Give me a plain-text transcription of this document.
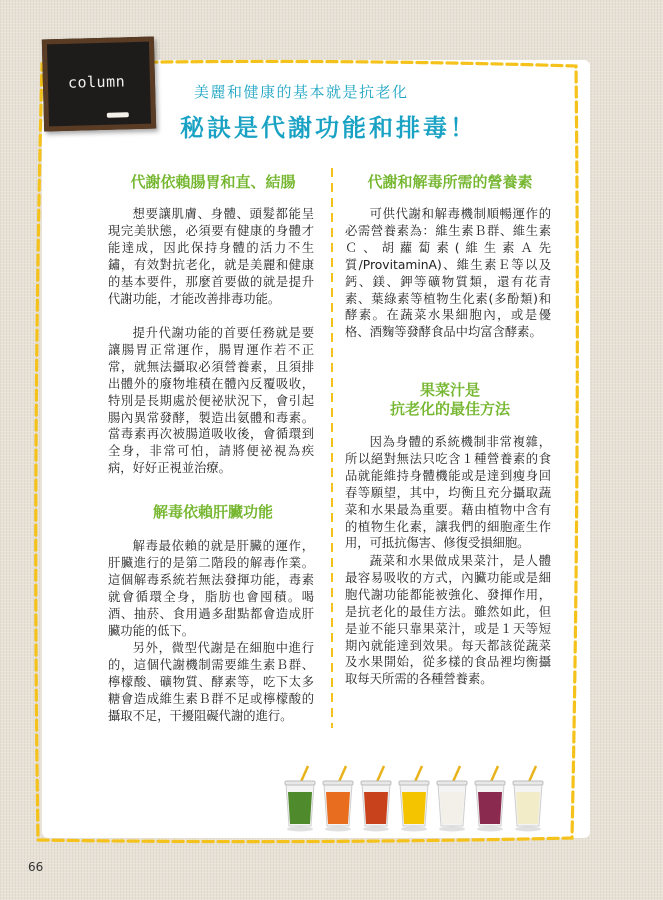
column
美麗和健康的基本就是抗老化
秘訣是代謝功能和排毒！
代謝依賴腸胃和直、結腸
想要讓肌膚、身體、頭髮都能呈現完美狀態，必須要有健康的身體才能達成，因此保持身體的活力不生鏽，有效對抗老化，就是美麗和健康的基本要件，那麼首要做的就是提升代謝功能，才能改善排毒功能。
提升代謝功能的首要任務就是要讓腸胃正常運作，腸胃運作若不正常，就無法攝取必須營養素，且須排出體外的廢物堆積在體內反覆吸收，特別是長期處於便祕狀況下，會引起腸內異常發酵，製造出氨體和毒素。當毒素再次被腸道吸收後，會循環到全身，非常可怕，請將便祕視為疾病，好好正視並治療。
解毒依賴肝臟功能
解毒最依賴的就是肝臟的運作，肝臟進行的是第二階段的解毒作業。這個解毒系統若無法發揮功能，毒素就會循環全身，脂肪也會囤積。喝酒、抽菸、食用過多甜點都會造成肝臟功能的低下。
另外，微型代謝是在細胞中進行的，這個代謝機制需要維生素Ｂ群、檸檬酸、礦物質、酵素等，吃下太多糖會造成維生素Ｂ群不足或檸檬酸的攝取不足，干擾阻礙代謝的進行。
代謝和解毒所需的營養素
可供代謝和解毒機制順暢運作的必需營養素為：維生素Ｂ群、維生素Ｃ、胡蘿蔔素(維生素Ａ先質/ProvitaminA)、維生素Ｅ等以及鈣、鎂、鉀等礦物質類，還有花青素、葉綠素等植物生化素(多酚類)和酵素。在蔬菜水果細胞內，或是優格、酒麴等發酵食品中均富含酵素。
果菜汁是
抗老化的最佳方法
因為身體的系統機制非常複雜，所以絕對無法只吃含１種營養素的食品就能維持身體機能或是達到瘦身回春等願望，其中，均衡且充分攝取蔬菜和水果最為重要。藉由植物中含有的植物生化素，讓我們的細胞產生作用，可抵抗傷害、修復受損細胞。
蔬菜和水果做成果菜汁，是人體最容易吸收的方式，內臟功能或是細胞代謝功能都能被強化、發揮作用，是抗老化的最佳方法。雖然如此，但是並不能只靠果菜汁，或是１天等短期內就能達到效果。每天都該從蔬菜及水果開始，從多樣的食品裡均衡攝取每天所需的各種營養素。
66
